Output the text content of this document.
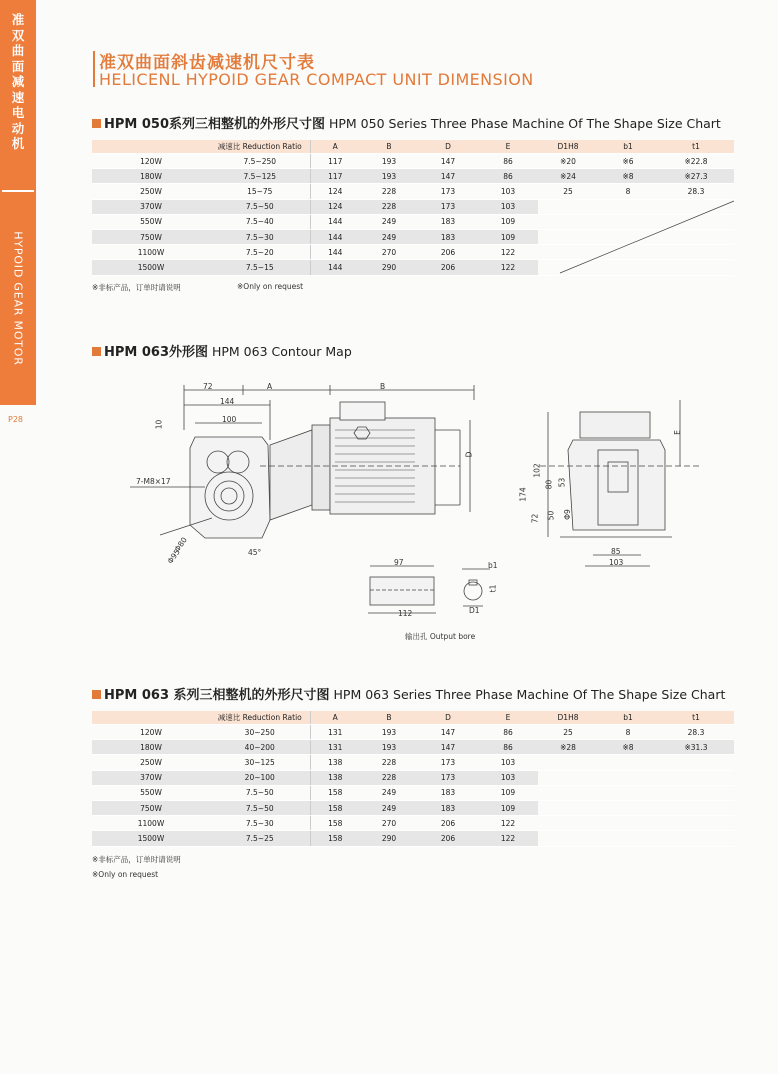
准
双
曲
面
减
速
电
动
机
HYPOID GEAR MOTOR
P28
准双曲面斜齿减速机尺寸表
HELICENL HYPOID GEAR COMPACT UNIT DIMENSION
HPM 050系列三相整机的外形尺寸图 HPM 050 Series Three Phase Machine Of The Shape Size Chart
	减速比 Reduction Ratio	A	B	D	E	D1H8	b1	t1
120W	7.5~250	117	193	147	86	※20	※6	※22.8
180W	7.5~125	117	193	147	86	※24	※8	※27.3
250W	15~75	124	228	173	103	25	8	28.3
370W	7.5~50	124	228	173	103			
550W	7.5~40	144	249	183	109			
750W	7.5~30	144	249	183	109			
1100W	7.5~20	144	270	206	122			
1500W	7.5~15	144	290	206	122			
※非标产品，订单时请说明	※Only on request
HPM 063外形图 HPM 063 Contour Map
72	A	B
144
100
10
7-M8×17
Φ80
Φ95	45°
D
102
80 53
174
72 50 Φ9
E
85
103
97
112
b1
t1
D1
输出孔 Output bore
HPM 063 系列三相整机的外形尺寸图 HPM 063 Series Three Phase Machine Of The Shape Size Chart
	减速比 Reduction Ratio	A	B	D	E	D1H8	b1	t1
120W	30~250	131	193	147	86	25	8	28.3
180W	40~200	131	193	147	86	※28	※8	※31.3
250W	30~125	138	228	173	103			
370W	20~100	138	228	173	103			
550W	7.5~50	158	249	183	109			
750W	7.5~50	158	249	183	109			
1100W	7.5~30	158	270	206	122			
1500W	7.5~25	158	290	206	122			
※非标产品，订单时请说明
※Only on request
